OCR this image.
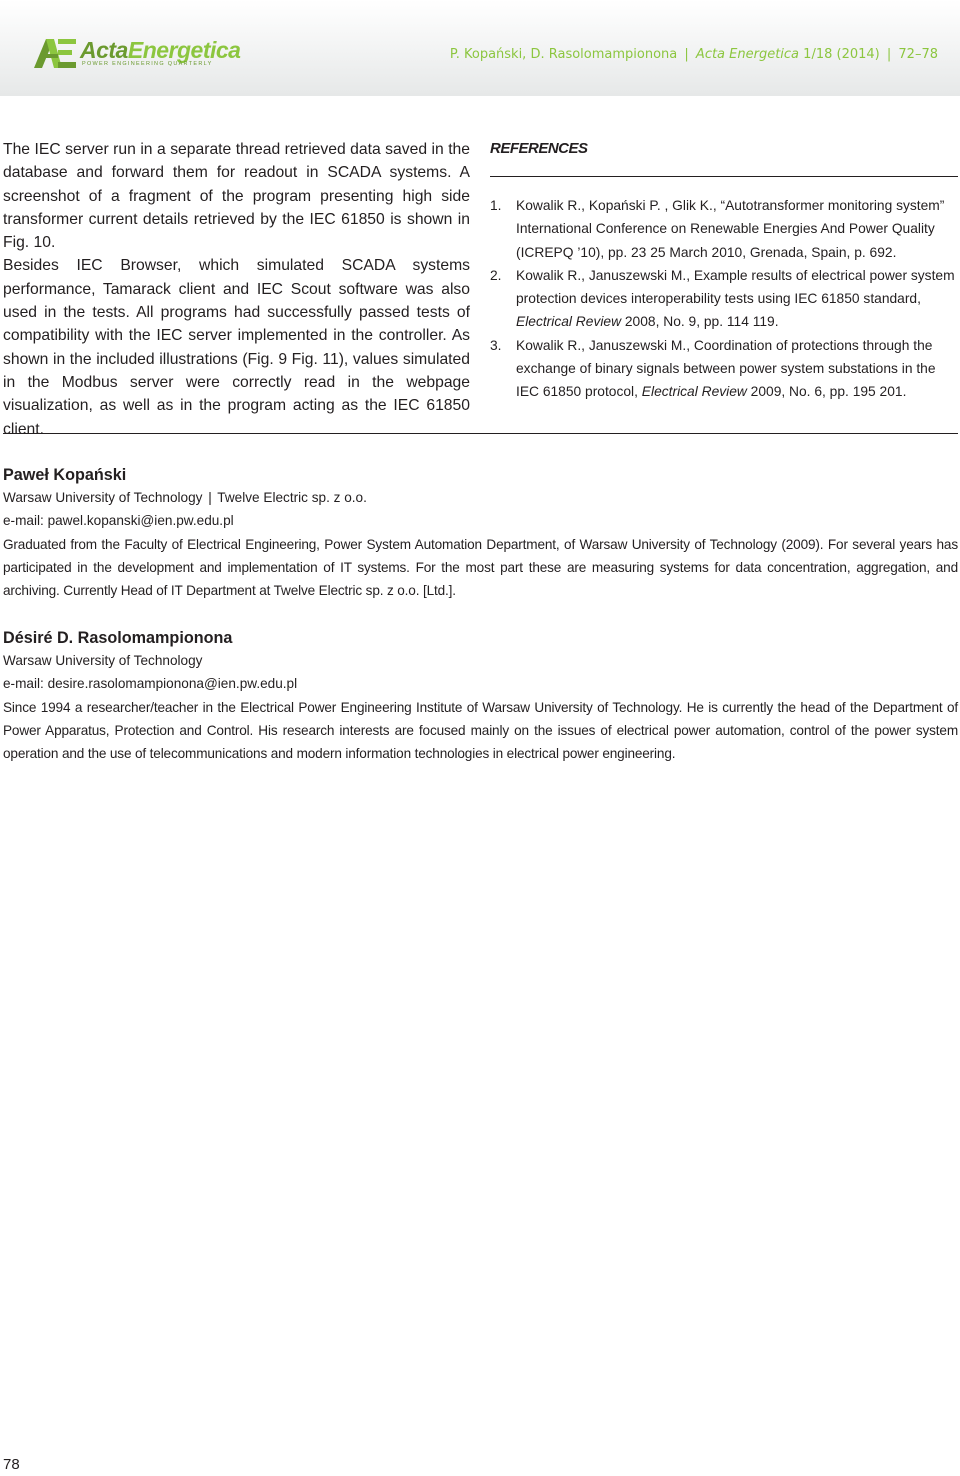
ActaEnergetica
POWER ENGINEERING QUARTERLY
P. Kopański, D. Rasolomampionona | Acta Energetica 1/18 (2014) | 72–78

The IEC server run in a separate thread retrieved data saved in the database and forward them for readout in SCADA systems. A screenshot of a fragment of the program presenting high side transformer current details retrieved by the IEC 61850 is shown in Fig. 10.

Besides IEC Browser, which simulated SCADA systems performance, Tamarack client and IEC Scout software was also used in the tests. All programs had successfully passed tests of compatibility with the IEC server implemented in the controller. As shown in the included illustrations (Fig. 9 Fig. 11), values simulated in the Modbus server were correctly read in the webpage visualization, as well as in the program acting as the IEC 61850 client.

REFERENCES
1. Kowalik R., Kopański P. , Glik K., “Autotransformer monitoring system” International Conference on Renewable Energies And Power Quality (ICREPQ ’10), pp. 23 25 March 2010, Grenada, Spain, p. 692.
2. Kowalik R., Januszewski M., Example results of electrical power system protection devices interoperability tests using IEC 61850 standard, Electrical Review 2008, No. 9, pp. 114 119.
3. Kowalik R., Januszewski M., Coordination of protections through the exchange of binary signals between power system substations in the IEC 61850 protocol, Electrical Review 2009, No. 6, pp. 195 201.

Paweł Kopański

Warsaw University of Technology | Twelve Electric sp. z o.o.

e-mail: pawel.kopanski@ien.pw.edu.pl

Graduated from the Faculty of Electrical Engineering, Power System Automation Department, of Warsaw University of Technology (2009). For several years has participated in the development and implementation of IT systems. For the most part these are measuring systems for data concentration, aggregation, and archiving. Currently Head of IT Department at Twelve Electric sp. z o.o. [Ltd.].

Désiré D. Rasolomampionona

Warsaw University of Technology

e-mail: desire.rasolomampionona@ien.pw.edu.pl

Since 1994 a researcher/teacher in the Electrical Power Engineering Institute of Warsaw University of Technology. He is currently the head of the Department of Power Apparatus, Protection and Control. His research interests are focused mainly on the issues of electrical power automation, control of the power system operation and the use of telecommunications and modern information technologies in electrical power engineering.

78
